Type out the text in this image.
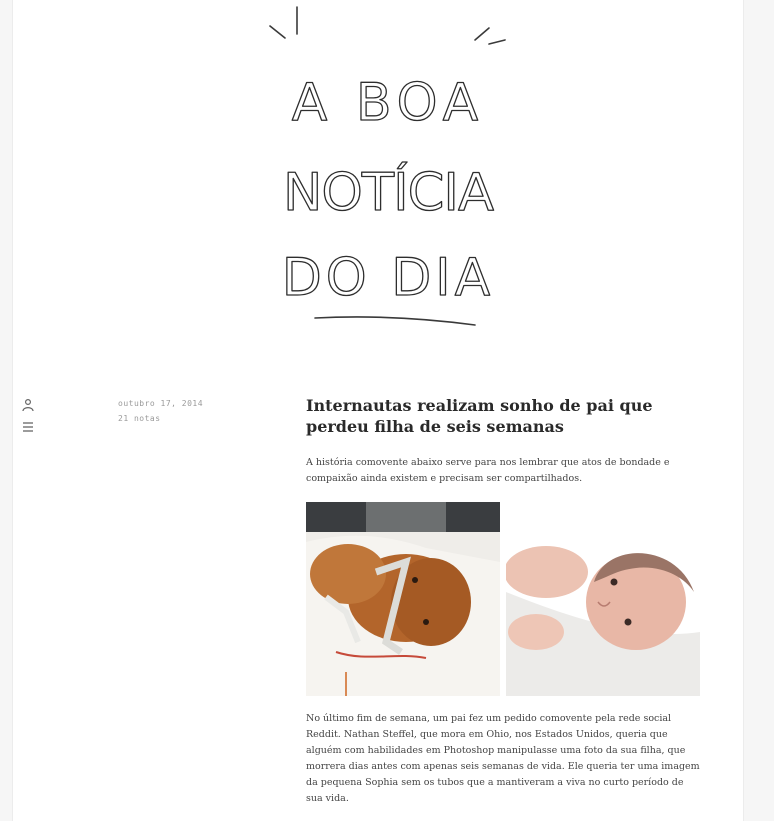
A BOA
NOTÍCIA
DO DIA
outubro 17, 2014
21 notas
Internautas realizam sonho de pai que perdeu filha de seis semanas

A história comovente abaixo serve para nos lembrar que atos de bondade e compaixão ainda existem e precisam ser compartilhados.

No último fim de semana, um pai fez um pedido comovente pela rede social Reddit. Nathan Steffel, que mora em Ohio, nos Estados Unidos, queria que alguém com habilidades em Photoshop manipulasse uma foto da sua filha, que morrera dias antes com apenas seis semanas de vida. Ele queria ter uma imagem da pequena Sophia sem os tubos que a mantiveram a viva no curto período de sua vida.
